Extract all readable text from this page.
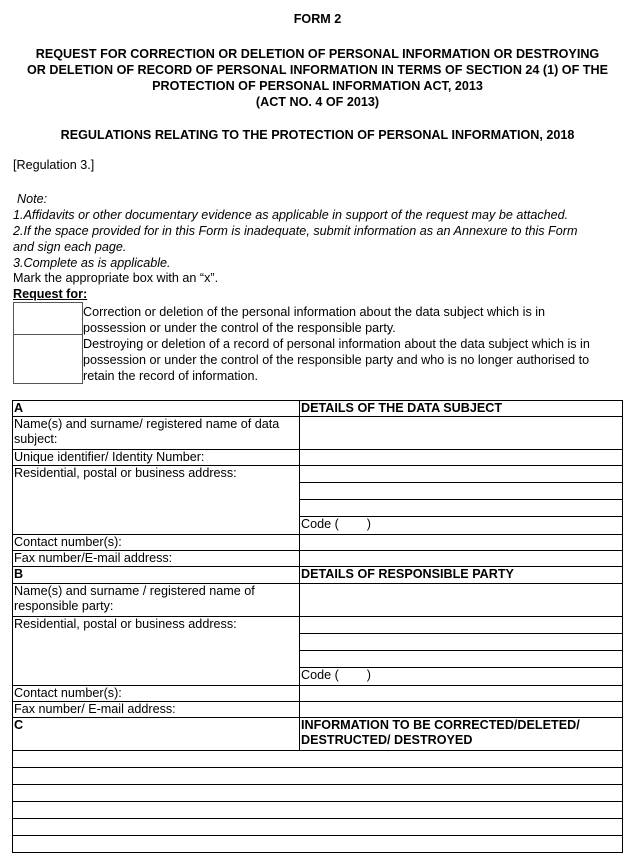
FORM 2
REQUEST FOR CORRECTION OR DELETION OF PERSONAL INFORMATION OR DESTROYING
OR DELETION OF RECORD OF PERSONAL INFORMATION IN TERMS OF SECTION 24 (1) OF THE
PROTECTION OF PERSONAL INFORMATION ACT, 2013
(ACT NO. 4 OF 2013)
REGULATIONS RELATING TO THE PROTECTION OF PERSONAL INFORMATION, 2018
[Regulation 3.]
Note:
1.Affidavits or other documentary evidence as applicable in support of the request may be attached.
2.If the space provided for in this Form is inadequate, submit information as an Annexure to this Form
and sign each page.
3.Complete as is applicable.
Mark the appropriate box with an “x”.
Request for:
Correction or deletion of the personal information about the data subject which is in
possession or under the control of the responsible party.
Destroying or deletion of a record of personal information about the data subject which is in
possession or under the control of the responsible party and who is no longer authorised to
retain the record of information.
A	DETAILS OF THE DATA SUBJECT

Name(s) and surname/ registered name of data
subject:	

Unique identifier/ Identity Number:	
Residential, postal or business address:	

	Code (        )
Contact number(s):	
Fax number/E-mail address:	
B	DETAILS OF RESPONSIBLE PARTY

Name(s) and surname / registered name of
responsible party:	

Residential, postal or business address:	

	Code (        )
Contact number(s):	
Fax number/ E-mail address:	
C	INFORMATION TO BE CORRECTED/DELETED/
DESTRUCTED/ DESTROYED
